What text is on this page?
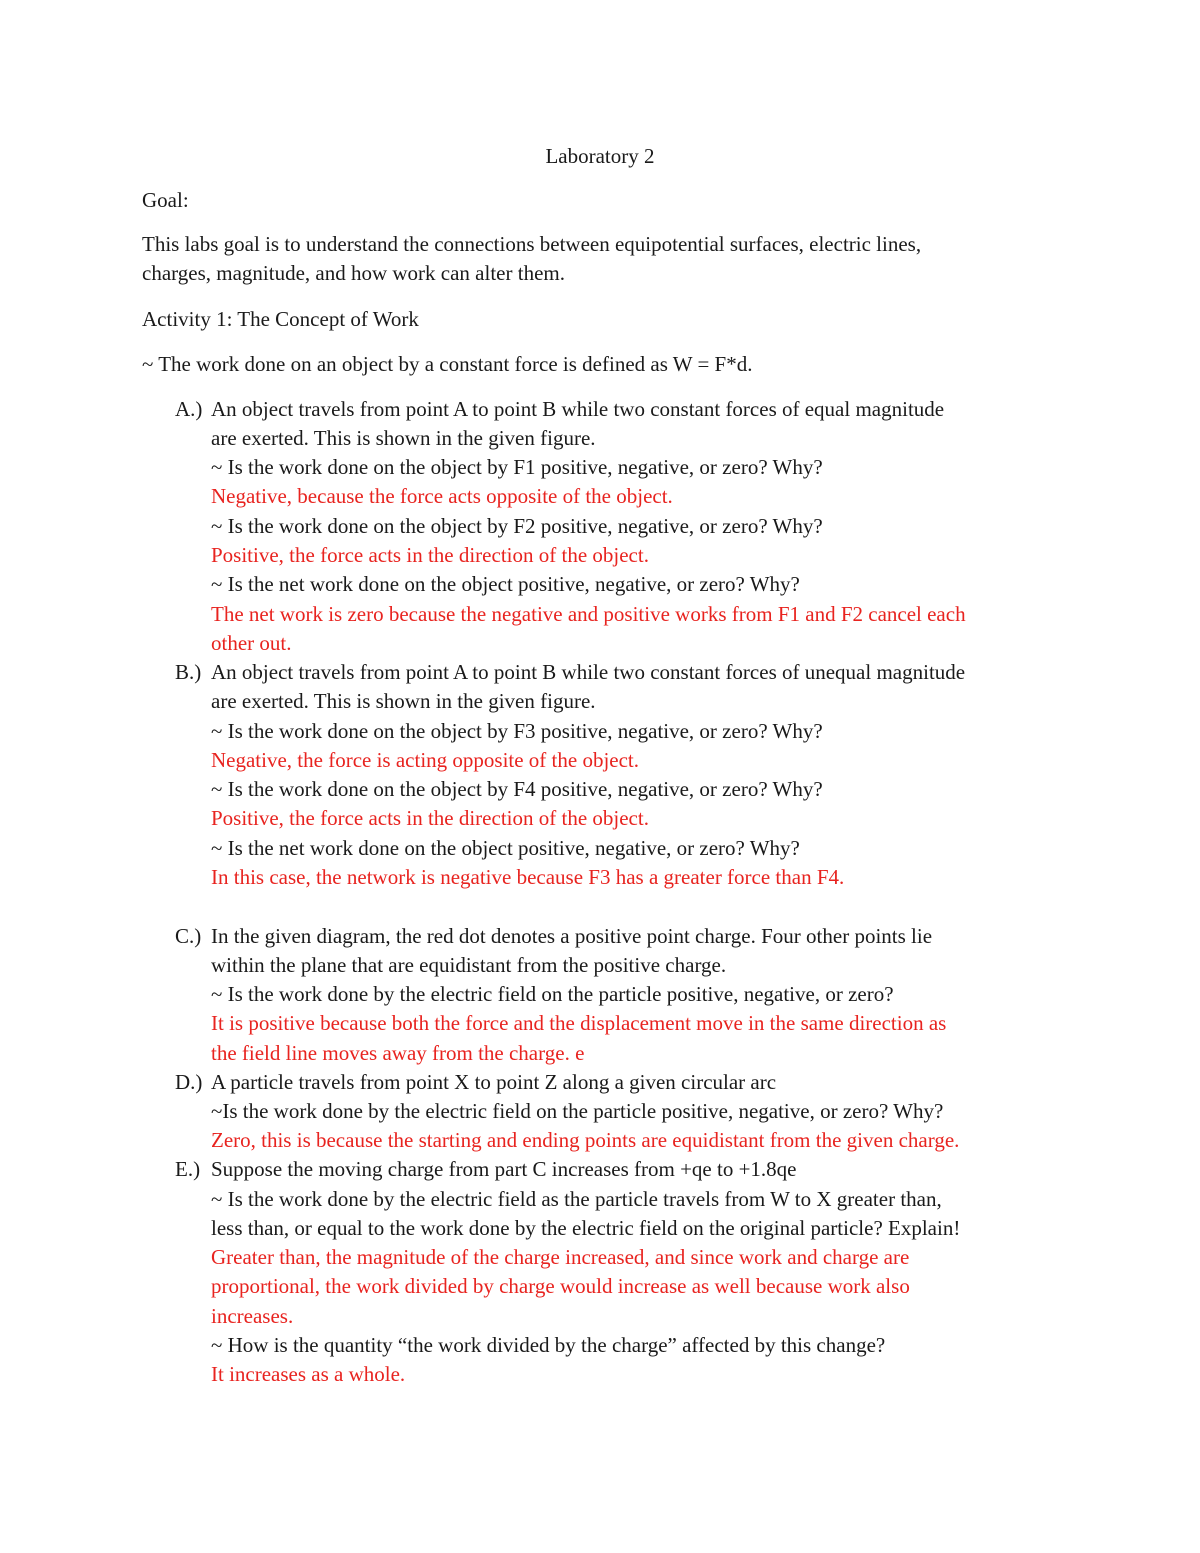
Laboratory 2
Goal:
This labs goal is to understand the connections between equipotential surfaces, electric lines,
charges, magnitude, and how work can alter them.
Activity 1: The Concept of Work
~ The work done on an object by a constant force is defined as W = F*d.
A.) An object travels from point A to point B while two constant forces of equal magnitude
are exerted. This is shown in the given figure.
~ Is the work done on the object by F1 positive, negative, or zero? Why?
Negative, because the force acts opposite of the object.
~ Is the work done on the object by F2 positive, negative, or zero? Why?
Positive, the force acts in the direction of the object.
~ Is the net work done on the object positive, negative, or zero? Why?
The net work is zero because the negative and positive works from F1 and F2 cancel each
other out.
B.) An object travels from point A to point B while two constant forces of unequal magnitude
are exerted. This is shown in the given figure.
~ Is the work done on the object by F3 positive, negative, or zero? Why?
Negative, the force is acting opposite of the object.
~ Is the work done on the object by F4 positive, negative, or zero? Why?
Positive, the force acts in the direction of the object.
~ Is the net work done on the object positive, negative, or zero? Why?
In this case, the network is negative because F3 has a greater force than F4.
C.) In the given diagram, the red dot denotes a positive point charge. Four other points lie
within the plane that are equidistant from the positive charge.
~ Is the work done by the electric field on the particle positive, negative, or zero?
It is positive because both the force and the displacement move in the same direction as
the field line moves away from the charge. e
D.) A particle travels from point X to point Z along a given circular arc
~Is the work done by the electric field on the particle positive, negative, or zero? Why?
Zero, this is because the starting and ending points are equidistant from the given charge.
E.) Suppose the moving charge from part C increases from +qe to +1.8qe
~ Is the work done by the electric field as the particle travels from W to X greater than,
less than, or equal to the work done by the electric field on the original particle? Explain!
Greater than, the magnitude of the charge increased, and since work and charge are
proportional, the work divided by charge would increase as well because work also
increases.
~ How is the quantity “the work divided by the charge” affected by this change?
It increases as a whole.
